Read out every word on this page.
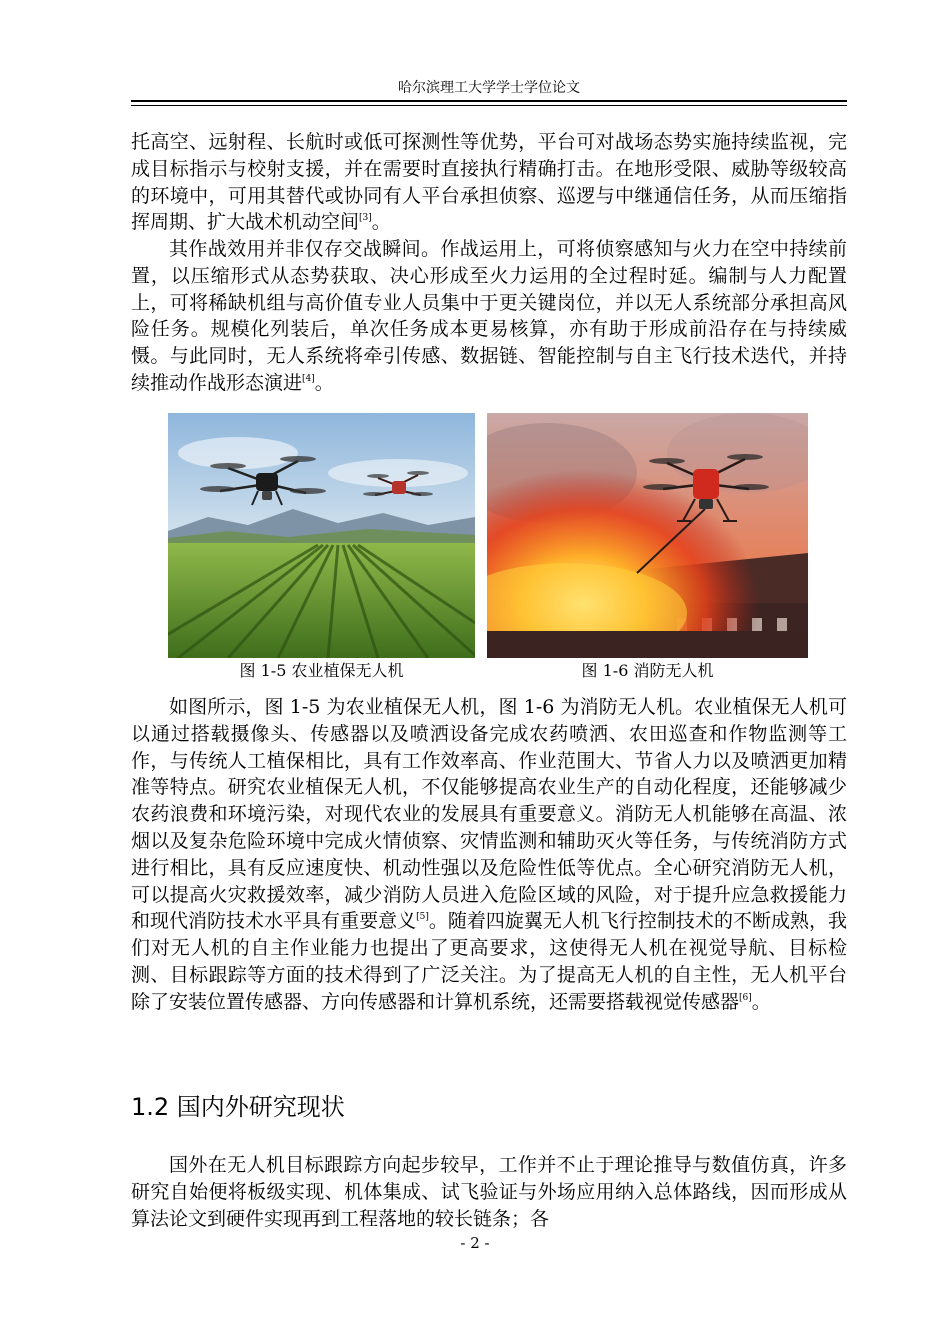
哈尔滨理工大学学士学位论文

托高空、远射程、长航时或低可探测性等优势，平台可对战场态势实施持续监视，完成目标指示与校射支援，并在需要时直接执行精确打击。在地形受限、威胁等级较高的环境中，可用其替代或协同有人平台承担侦察、巡逻与中继通信任务，从而压缩指挥周期、扩大战术机动空间[3]。

其作战效用并非仅存交战瞬间。作战运用上，可将侦察感知与火力在空中持续前置，以压缩形式从态势获取、决心形成至火力运用的全过程时延。编制与人力配置上，可将稀缺机组与高价值专业人员集中于更关键岗位，并以无人系统部分承担高风险任务。规模化列装后，单次任务成本更易核算，亦有助于形成前沿存在与持续威慑。与此同时，无人系统将牵引传感、数据链、智能控制与自主飞行技术迭代，并持续推动作战形态演进[4]。

图 1-5 农业植保无人机	图 1-6 消防无人机

如图所示，图 1-5 为农业植保无人机，图 1-6 为消防无人机。农业植保无人机可以通过搭载摄像头、传感器以及喷洒设备完成农药喷洒、农田巡查和作物监测等工作，与传统人工植保相比，具有工作效率高、作业范围大、节省人力以及喷洒更加精准等特点。研究农业植保无人机，不仅能够提高农业生产的自动化程度，还能够减少农药浪费和环境污染，对现代农业的发展具有重要意义。消防无人机能够在高温、浓烟以及复杂危险环境中完成火情侦察、灾情监测和辅助灭火等任务，与传统消防方式进行相比，具有反应速度快、机动性强以及危险性低等优点。全心研究消防无人机，可以提高火灾救援效率，减少消防人员进入危险区域的风险，对于提升应急救援能力和现代消防技术水平具有重要意义[5]。随着四旋翼无人机飞行控制技术的不断成熟，我们对无人机的自主作业能力也提出了更高要求，这使得无人机在视觉导航、目标检测、目标跟踪等方面的技术得到了广泛关注。为了提高无人机的自主性，无人机平台除了安装位置传感器、方向传感器和计算机系统，还需要搭载视觉传感器[6]。

1.2 国内外研究现状

国外在无人机目标跟踪方向起步较早，工作并不止于理论推导与数值仿真，许多研究自始便将板级实现、机体集成、试飞验证与外场应用纳入总体路线，因而形成从算法论文到硬件实现再到工程落地的较长链条；各

- 2 -
